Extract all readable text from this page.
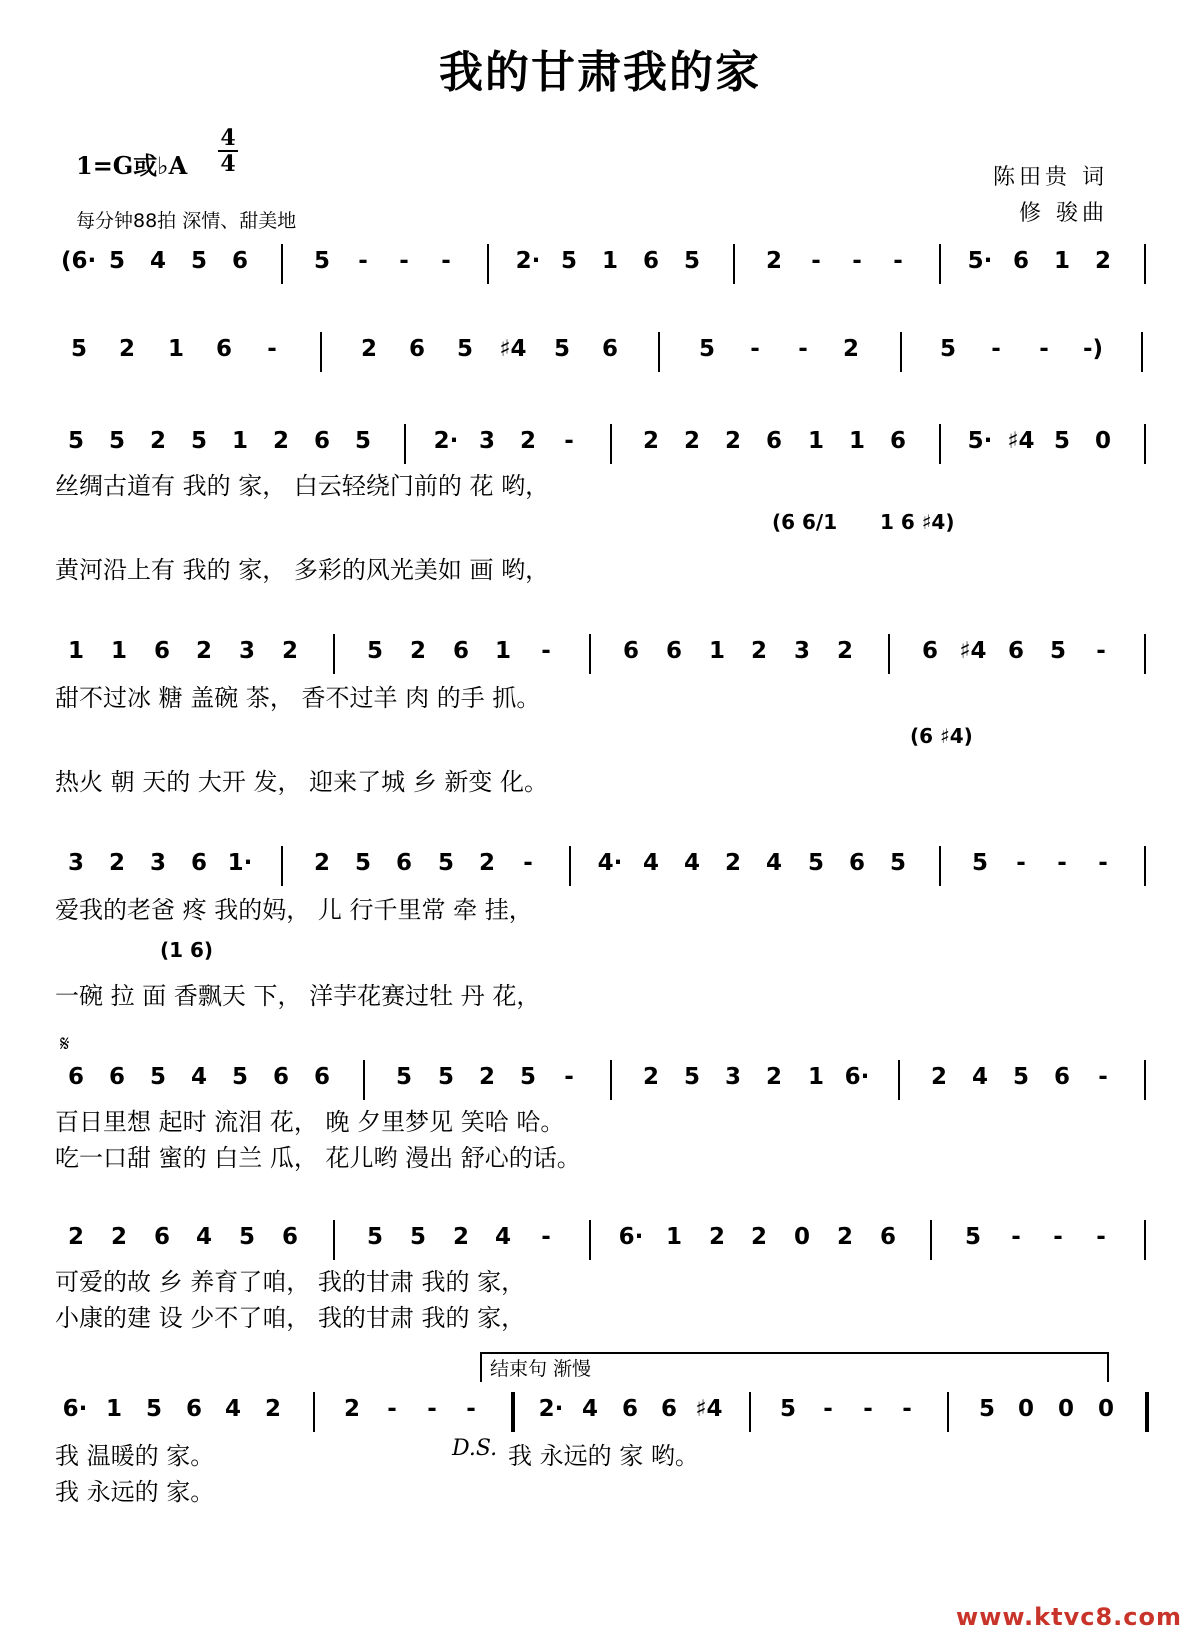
我的甘肃我的家
1=G或♭A
4
4
每分钟88拍 深情、甜美地
陈田贵 词
修 骏曲
(6· 5	4	5	6	5	-	-	-	2· 5	1	6	5	2	-	-	-	5· 6	1	2
5	2	1	6	-	2	6	5	♯4	5	6	5	-	-	2	5	-	-	-)
5	5	2	5	1	2	6	5	2· 3	2	-	2	2	2	6	1	1	6	5· ♯4 5	0
1	1	6	2	3	2	5	2	6	1	-	6	6	1	2	3	2	6 ♯4 6	5	-
3	2	3	6 1·	2	5	6	5	2	-	4· 4	4	2	4	5	6	5	5	-	-	-
6	6	5	4	5	6	6	5	5	2	5	-	2	5	3	2	1 6·	2	4	5	6	-
2	2	6	4	5	6	5	5	2	4	-	6· 1	2	2	0	2	6	5	-	-	-
6· 1	5	6 4	2	2	-	-	-	2· 4	6 6 ♯4	5	-	-	-	5 0	0	0
丝绸古道有 我的 家， 白云轻绕门前的 花 哟，
黄河沿上有 我的 家， 多彩的风光美如 画 哟，
甜不过冰 糖 盖碗 茶， 香不过羊 肉 的手 抓。
热火 朝 天的 大开 发， 迎来了城 乡 新变 化。
爱我的老爸 疼 我的妈， 儿 行千里常 牵 挂，
一碗 拉 面 香飘天 下， 洋芋花赛过牡 丹 花，
百日里想 起时 流泪 花， 晚 夕里梦见 笑哈 哈。
吃一口甜 蜜的 白兰 瓜， 花儿哟 漫出 舒心的话。
可爱的故 乡 养育了咱， 我的甘肃 我的 家，
小康的建 设 少不了咱， 我的甘肃 我的 家，
我 温暖的 家。
我 永远的 家。
D.S. 我 永远的 家 哟。
(6 6/1 1 6 ♯4)
(6 ♯4)
(1 6)
𝄋
结束句 渐慢
www.ktvc8.com
